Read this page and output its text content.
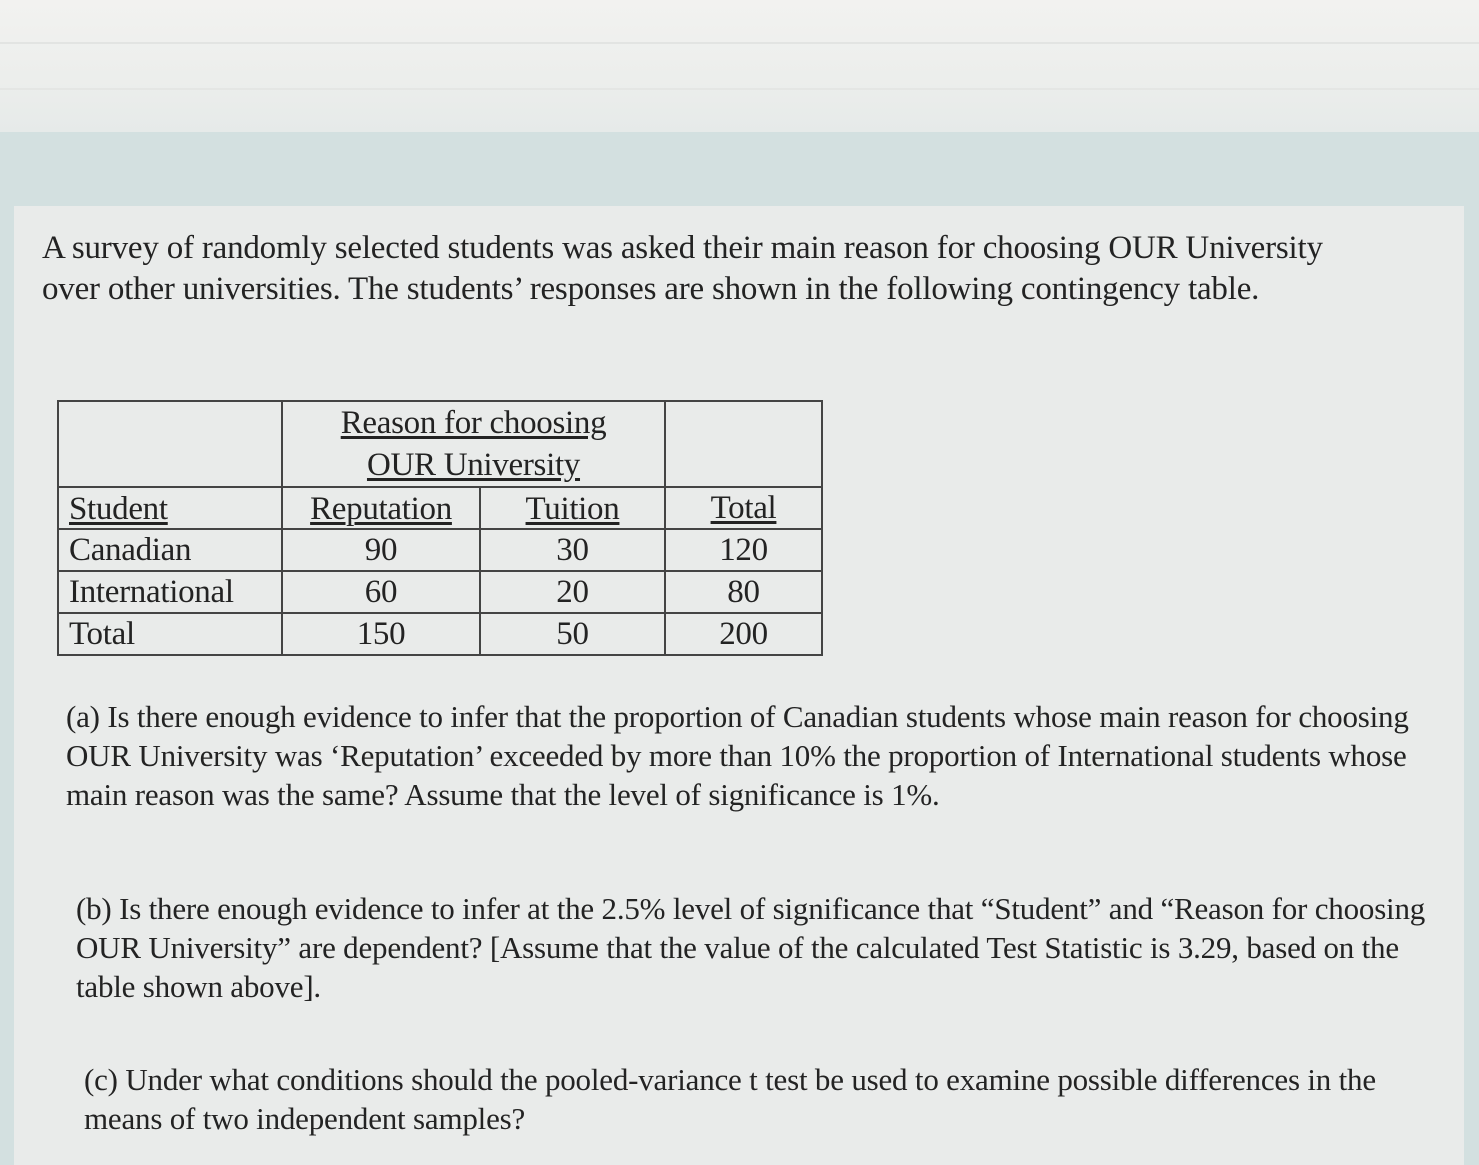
A survey of randomly selected students was asked their main reason for choosing OUR University over other universities. The students’ responses are shown in the following contingency table.

	Reason for choosing
OUR University		

Student	Reputation	Tuition	Total
Canadian	90	30	120
International	60	20	80
Total	150	50	200

(a) Is there enough evidence to infer that the proportion of Canadian students whose main reason for choosing OUR University was ‘Reputation’ exceeded by more than 10% the proportion of International students whose main reason was the same? Assume that the level of significance is 1%.

(b) Is there enough evidence to infer at the 2.5% level of significance that “Student” and “Reason for choosing OUR University” are dependent? [Assume that the value of the calculated Test Statistic is 3.29, based on the table shown above].

(c) Under what conditions should the pooled-variance t test be used to examine possible differences in the means of two independent samples?
